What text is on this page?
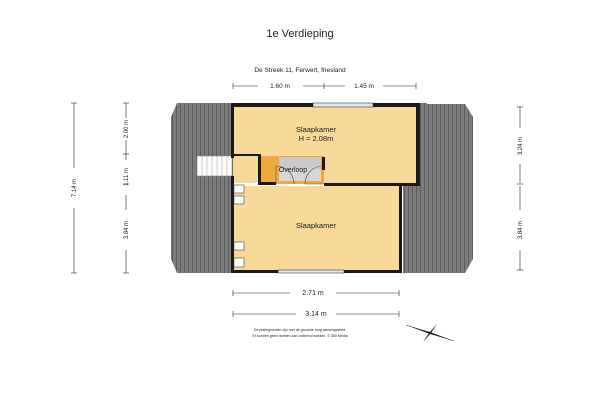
1e Verdieping
De Streek 11, Ferwert, friesland
Slaapkamer
H = 2.08m
Overloop
Slaapkamer
1.60 m	1.45 m
7.14 m
2.00 m
1.11 m
3.84 m
3.24 m
3.84 m
2.71 m
3.14 m
De plattegronden zijn met de grootste zorg samengesteld.
Er kunnen geen rechten aan ontleend worden. © 360 Media
